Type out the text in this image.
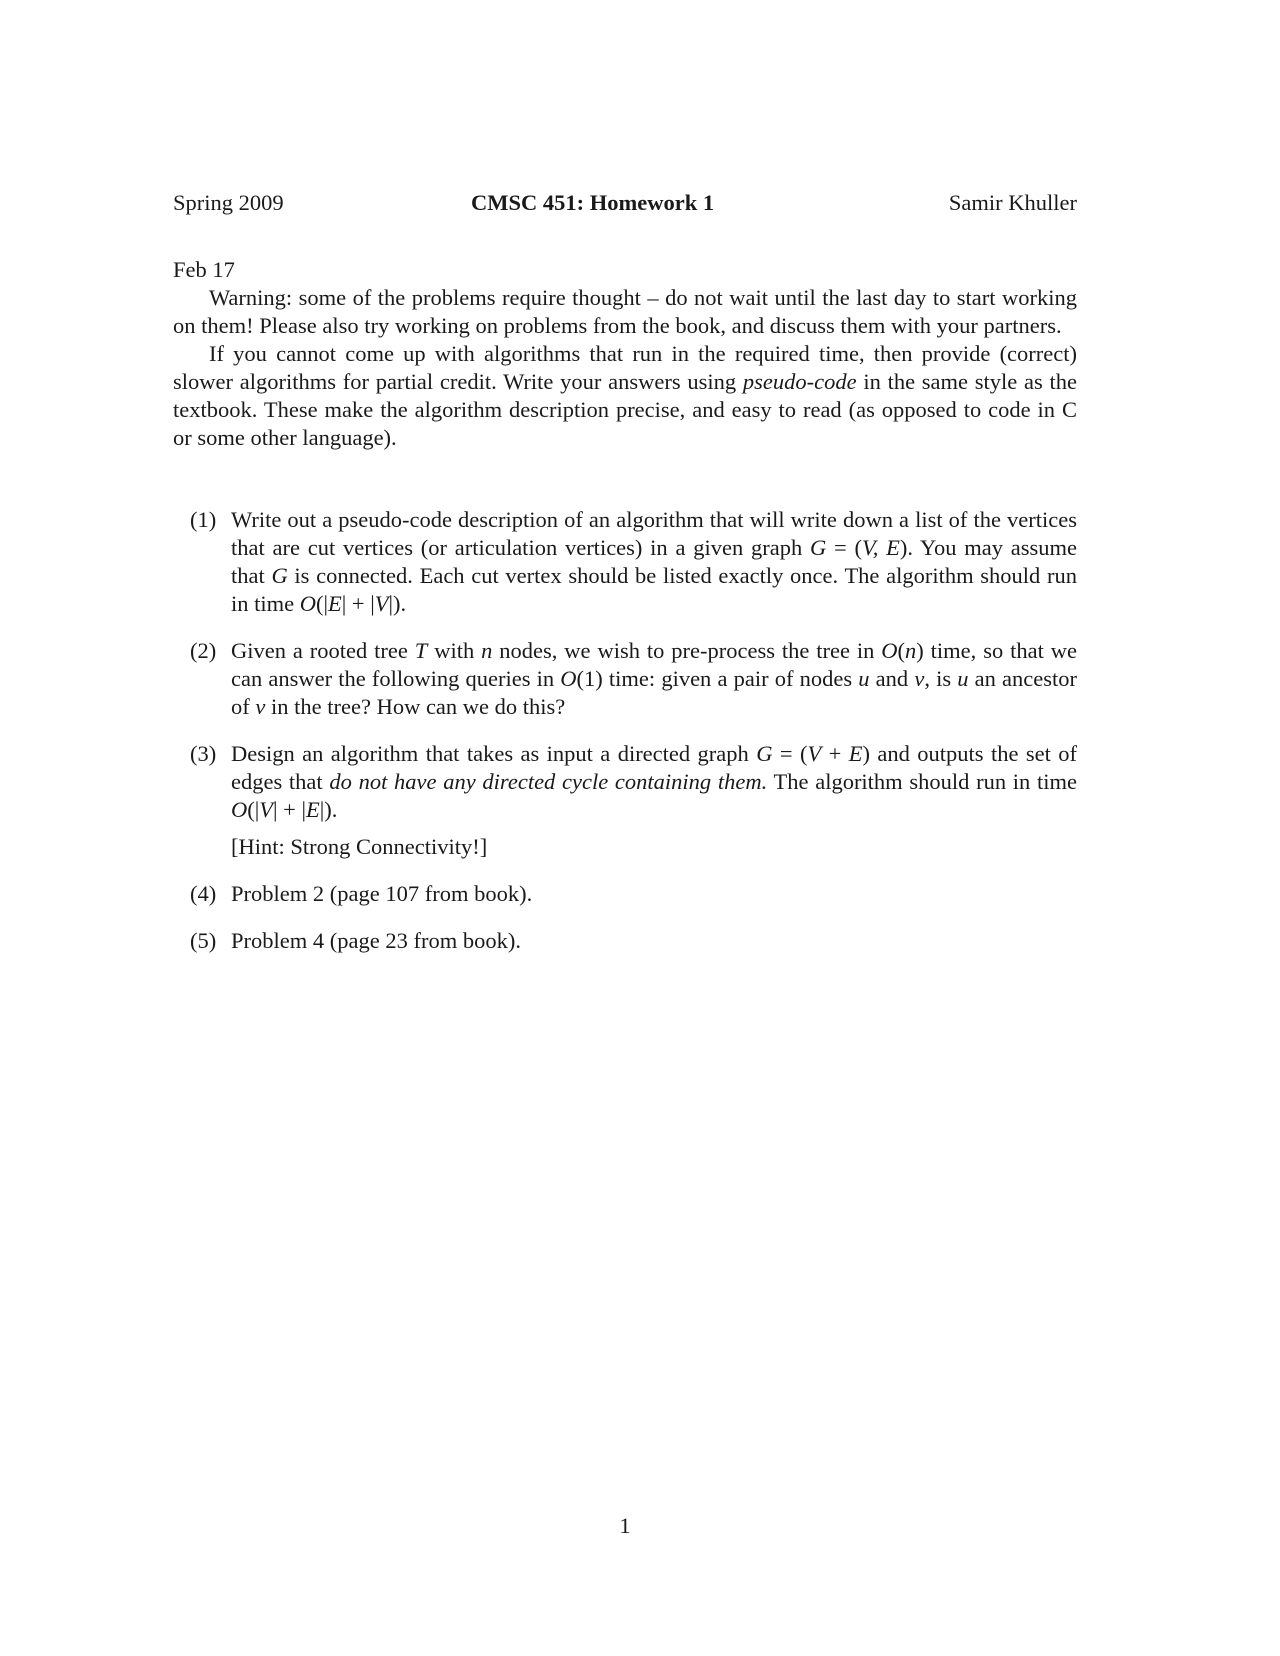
Spring 2009	CMSC 451: Homework 1	Samir Khuller
Feb 17

Warning: some of the problems require thought – do not wait until the last day to start working on them! Please also try working on problems from the book, and discuss them with your partners.

If you cannot come up with algorithms that run in the required time, then provide (correct) slower algorithms for partial credit. Write your answers using pseudo-code in the same style as the textbook. These make the algorithm description precise, and easy to read (as opposed to code in C or some other language).

(1) Write out a pseudo-code description of an algorithm that will write down a list of the vertices that are cut vertices (or articulation vertices) in a given graph G = (V, E). You may assume that G is connected. Each cut vertex should be listed exactly once. The algorithm should run in time O(|E| + |V|).
(2) Given a rooted tree T with n nodes, we wish to pre-process the tree in O(n) time, so that we can answer the following queries in O(1) time: given a pair of nodes u and v, is u an ancestor of v in the tree? How can we do this?
(3) Design an algorithm that takes as input a directed graph G = (V + E) and outputs the set of edges that do not have any directed cycle containing them. The algorithm should run in time O(|V| + |E|).
[Hint: Strong Connectivity!]
(4) Problem 2 (page 107 from book).
(5) Problem 4 (page 23 from book).
1
